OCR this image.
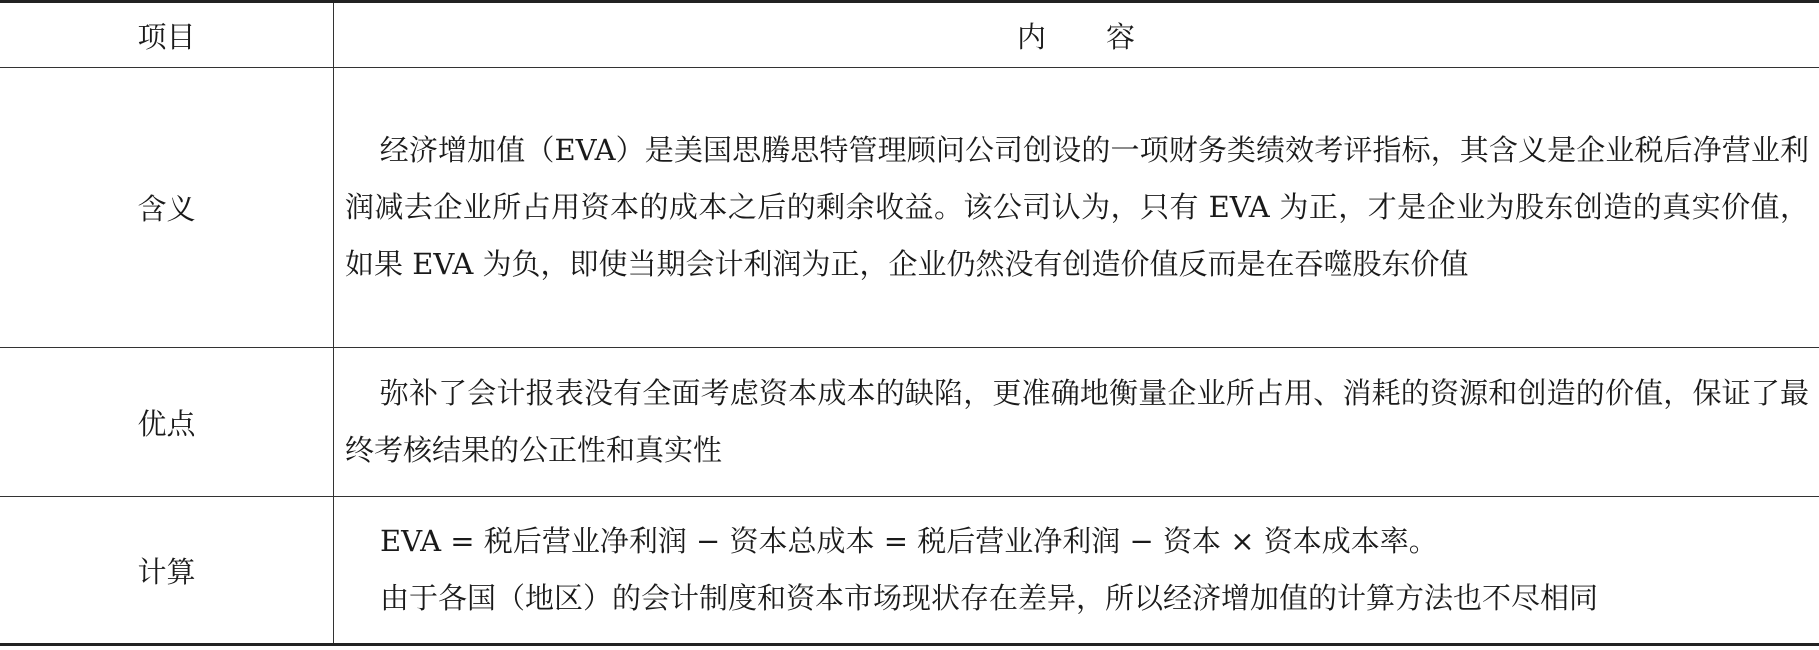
项目	内容
含义	经济增加值（EVA）是美国思腾思特管理顾问公司创设的一项财务类绩效考评指标，其含义是企业税后净营业利润减去企业所占用资本的成本之后的剩余收益。该公司认为，只有 EVA 为正，才是企业为股东创造的真实价值，如果 EVA 为负，即使当期会计利润为正，企业仍然没有创造价值反而是在吞噬股东价值

优点	弥补了会计报表没有全面考虑资本成本的缺陷，更准确地衡量企业所占用、消耗的资源和创造的价值，保证了最终考核结果的公正性和真实性

计算	EVA = 税后营业净利润 − 资本总成本 = 税后营业净利润 − 资本 × 资本成本率。

由于各国（地区）的会计制度和资本市场现状存在差异，所以经济增加值的计算方法也不尽相同
